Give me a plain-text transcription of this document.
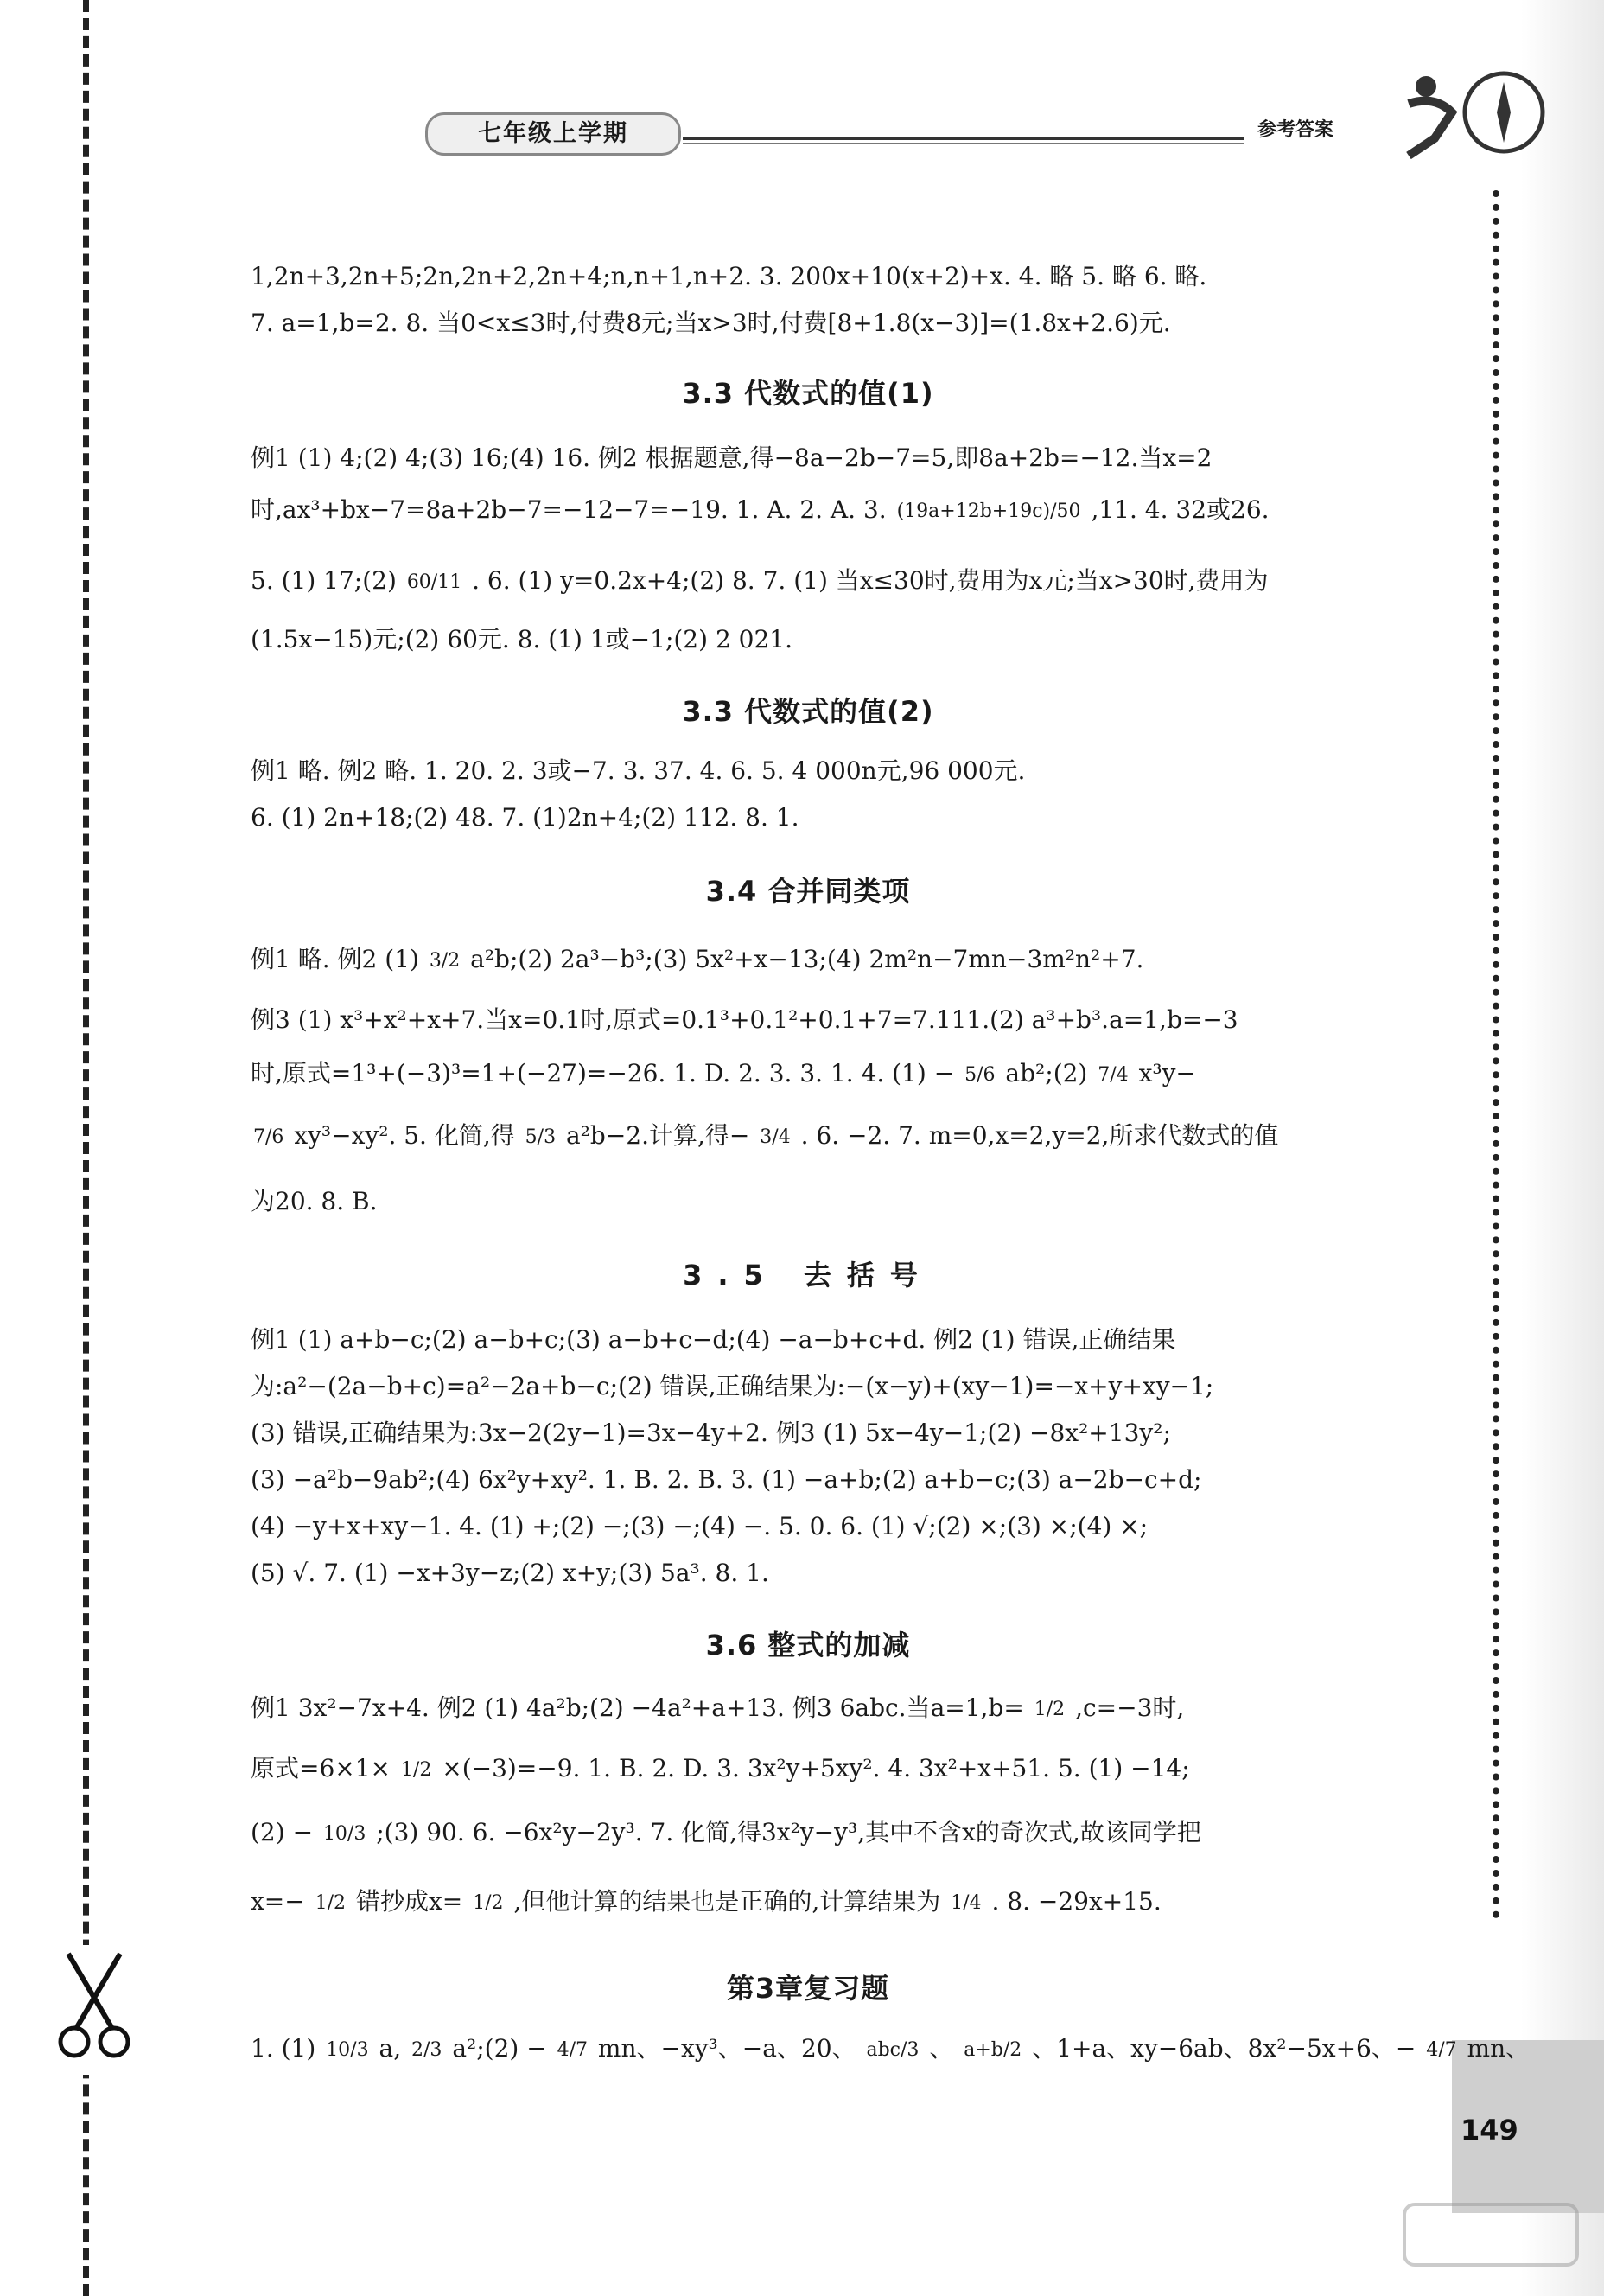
七年级上学期	参考答案
149
1,2n+3,2n+5;2n,2n+2,2n+4;n,n+1,n+2. 3. 200x+10(x+2)+x. 4. 略 5. 略 6. 略.
7. a=1,b=2. 8. 当0<x≤3时,付费8元;当x>3时,付费[8+1.8(x−3)]=(1.8x+2.6)元.
3.3 代数式的值(1)
例1 (1) 4;(2) 4;(3) 16;(4) 16. 例2 根据题意,得−8a−2b−7=5,即8a+2b=−12.当x=2
时,ax³+bx−7=8a+2b−7=−12−7=−19. 1. A. 2. A. 3. (19a+12b+19c)/50 ,11. 4. 32或26.
5. (1) 17;(2) 60/11 . 6. (1) y=0.2x+4;(2) 8. 7. (1) 当x≤30时,费用为x元;当x>30时,费用为
(1.5x−15)元;(2) 60元. 8. (1) 1或−1;(2) 2 021.
3.3 代数式的值(2)
例1 略. 例2 略. 1. 20. 2. 3或−7. 3. 37. 4. 6. 5. 4 000n元,96 000元.
6. (1) 2n+18;(2) 48. 7. (1)2n+4;(2) 112. 8. 1.
3.4 合并同类项
例1 略. 例2 (1) 3/2 a²b;(2) 2a³−b³;(3) 5x²+x−13;(4) 2m²n−7mn−3m²n²+7.
例3 (1) x³+x²+x+7.当x=0.1时,原式=0.1³+0.1²+0.1+7=7.111.(2) a³+b³.a=1,b=−3
时,原式=1³+(−3)³=1+(−27)=−26. 1. D. 2. 3. 3. 1. 4. (1) − 5/6 ab²;(2) 7/4 x³y−
7/6 xy³−xy². 5. 化简,得 5/3 a²b−2.计算,得− 3/4 . 6. −2. 7. m=0,x=2,y=2,所求代数式的值
为20. 8. B.
3.5 去括号
例1 (1) a+b−c;(2) a−b+c;(3) a−b+c−d;(4) −a−b+c+d. 例2 (1) 错误,正确结果
为:a²−(2a−b+c)=a²−2a+b−c;(2) 错误,正确结果为:−(x−y)+(xy−1)=−x+y+xy−1;
(3) 错误,正确结果为:3x−2(2y−1)=3x−4y+2. 例3 (1) 5x−4y−1;(2) −8x²+13y²;
(3) −a²b−9ab²;(4) 6x²y+xy². 1. B. 2. B. 3. (1) −a+b;(2) a+b−c;(3) a−2b−c+d;
(4) −y+x+xy−1. 4. (1) +;(2) −;(3) −;(4) −. 5. 0. 6. (1) √;(2) ×;(3) ×;(4) ×;
(5) √. 7. (1) −x+3y−z;(2) x+y;(3) 5a³. 8. 1.
3.6 整式的加减
例1 3x²−7x+4. 例2 (1) 4a²b;(2) −4a²+a+13. 例3 6abc.当a=1,b= 1/2 ,c=−3时,
原式=6×1× 1/2 ×(−3)=−9. 1. B. 2. D. 3. 3x²y+5xy². 4. 3x²+x+51. 5. (1) −14;
(2) − 10/3 ;(3) 90. 6. −6x²y−2y³. 7. 化简,得3x²y−y³,其中不含x的奇次式,故该同学把
x=− 1/2 错抄成x= 1/2 ,但他计算的结果也是正确的,计算结果为 1/4 . 8. −29x+15.
第3章复习题
1. (1) 10/3 a, 2/3 a²;(2) − 4/7 mn、−xy³、−a、20、 abc/3 、 a+b/2 、1+a、xy−6ab、8x²−5x+6、− 4/7 mn、
